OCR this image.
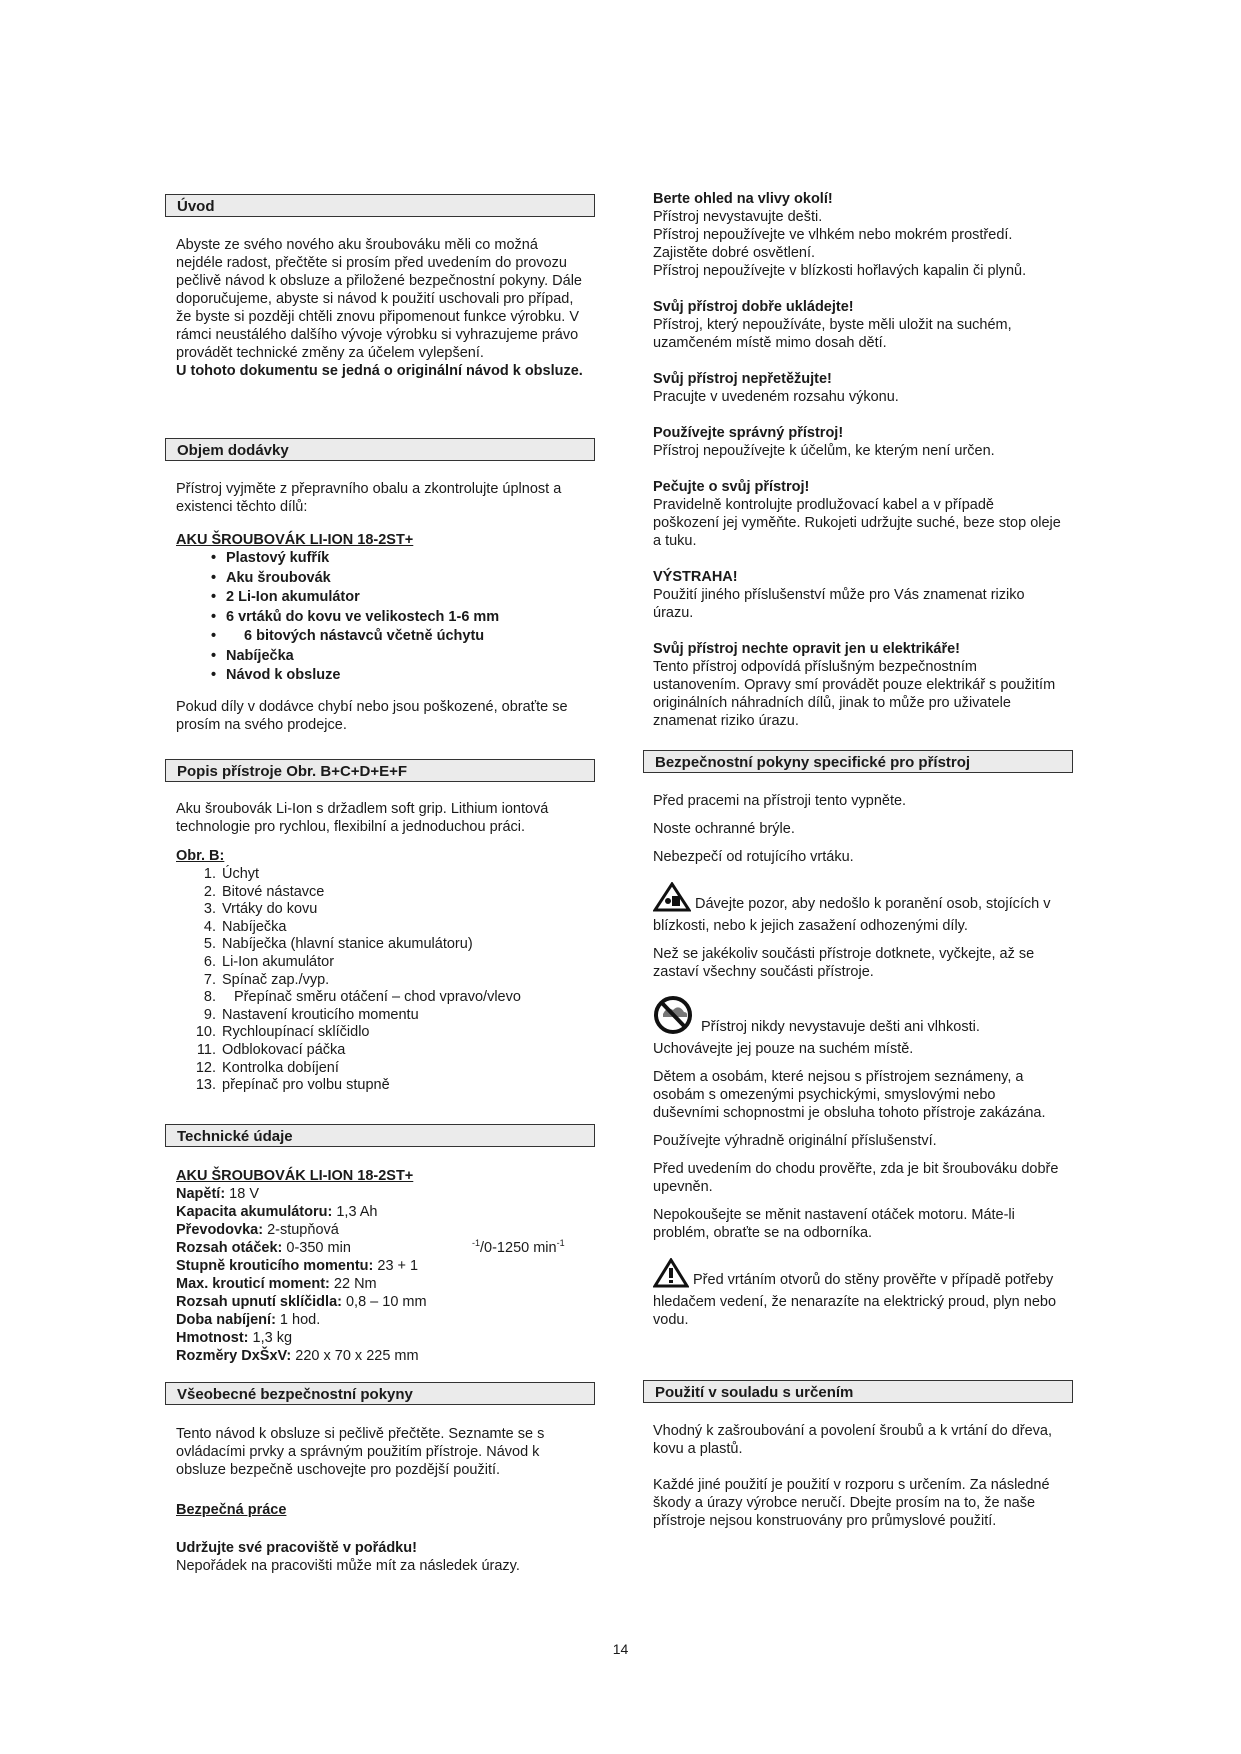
Úvod

Abyste ze svého nového aku šroubováku měli co možná nejdéle radost, přečtěte si prosím před uvedením do provozu pečlivě návod k obsluze a přiložené bezpečnostní pokyny. Dále doporučujeme, abyste si návod k použití uschovali pro případ, že byste si později chtěli znovu připomenout funkce výrobku. V rámci neustálého dalšího vývoje výrobku si vyhrazujeme právo provádět technické změny za účelem vylepšení.

U tohoto dokumentu se jedná o originální návod k obsluze.

Objem dodávky

Přístroj vyjměte z přepravního obalu a zkontrolujte úplnost a existenci těchto dílů:

AKU ŠROUBOVÁK LI-ION 18-2ST+

• Plastový kufřík
• Aku šroubovák
• 2 Li-Ion akumulátor
• 6 vrtáků do kovu ve velikostech 1-6 mm
• 6 bitových nástavců včetně úchytu
• Nabíječka
• Návod k obsluze

Pokud díly v dodávce chybí nebo jsou poškozené, obraťte se prosím na svého prodejce.

Popis přístroje Obr. B+C+D+E+F

Aku šroubovák Li-Ion s držadlem soft grip. Lithium iontová technologie pro rychlou, flexibilní a jednoduchou práci.

Obr. B:

1. Úchyt
2. Bitové nástavce
3. Vrtáky do kovu
4. Nabíječka
5. Nabíječka (hlavní stanice akumulátoru)
6. Li-Ion akumulátor
7. Spínač zap./vyp.
8. Přepínač směru otáčení – chod vpravo/vlevo
9. Nastavení krouticího momentu
10. Rychloupínací sklíčidlo
11. Odblokovací páčka
12. Kontrolka dobíjení
13. přepínač pro volbu stupně
Technické údaje

AKU ŠROUBOVÁK LI-ION 18-2ST+

Napětí: 18 V
Kapacita akumulátoru: 1,3 Ah
Převodovka: 2-stupňová
Rozsah otáček: 0-350 min	$^{-1}$/0-1250 $\min^{-1}$
Stupně krouticího momentu: 23 + 1
Max. krouticí moment: 22 Nm
Rozsah upnutí sklíčidla: 0,8 – 10 mm
Doba nabíjení: 1 hod.
Hmotnost: 1,3 kg
Rozměry DxŠxV: 220 x 70 x 225 mm
Všeobecné bezpečnostní pokyny

Tento návod k obsluze si pečlivě přečtěte. Seznamte se s ovládacími prvky a správným použitím přístroje. Návod k obsluze bezpečně uschovejte pro pozdější použití.

Bezpečná práce

Udržujte své pracoviště v pořádku!

Nepořádek na pracovišti může mít za následek úrazy.

Berte ohled na vlivy okolí!

Přístroj nevystavujte dešti.

Přístroj nepoužívejte ve vlhkém nebo mokrém prostředí.

Zajistěte dobré osvětlení.

Přístroj nepoužívejte v blízkosti hořlavých kapalin či plynů.

Svůj přístroj dobře ukládejte!

Přístroj, který nepoužíváte, byste měli uložit na suchém, uzamčeném místě mimo dosah dětí.

Svůj přístroj nepřetěžujte!

Pracujte v uvedeném rozsahu výkonu.

Používejte správný přístroj!

Přístroj nepoužívejte k účelům, ke kterým není určen.

Pečujte o svůj přístroj!

Pravidelně kontrolujte prodlužovací kabel a v případě poškození jej vyměňte. Rukojeti udržujte suché, beze stop oleje a tuku.

VÝSTRAHA!

Použití jiného příslušenství může pro Vás znamenat riziko úrazu.

Svůj přístroj nechte opravit jen u elektrikáře!

Tento přístroj odpovídá příslušným bezpečnostním ustanovením. Opravy smí provádět pouze elektrikář s použitím originálních náhradních dílů, jinak to může pro uživatele znamenat riziko úrazu.

Bezpečnostní pokyny specifické pro přístroj

Před pracemi na přístroji tento vypněte.

Noste ochranné brýle.

Nebezpečí od rotujícího vrtáku.

Dávejte pozor, aby nedošlo k poranění osob, stojících v blízkosti, nebo k jejich zasažení odhozenými díly.

Než se jakékoliv součásti přístroje dotknete, vyčkejte, až se zastaví všechny součásti přístroje.

Přístroj nikdy nevystavuje dešti ani vlhkosti. Uchovávejte jej pouze na suchém místě.

Dětem a osobám, které nejsou s přístrojem seznámeny, a osobám s omezenými psychickými, smyslovými nebo duševními schopnostmi je obsluha tohoto přístroje zakázána.

Používejte výhradně originální příslušenství.

Před uvedením do chodu prověřte, zda je bit šroubováku dobře upevněn.

Nepokoušejte se měnit nastavení otáček motoru. Máte-li problém, obraťte se na odborníka.

Před vrtáním otvorů do stěny prověřte v případě potřeby hledačem vedení, že nenarazíte na elektrický proud, plyn nebo vodu.
Použití v souladu s určením

Vhodný k zašroubování a povolení šroubů a k vrtání do dřeva, kovu a plastů.

Každé jiné použití je použití v rozporu s určením. Za následné škody a úrazy výrobce neručí. Dbejte prosím na to, že naše přístroje nejsou konstruovány pro průmyslové použití.

14
